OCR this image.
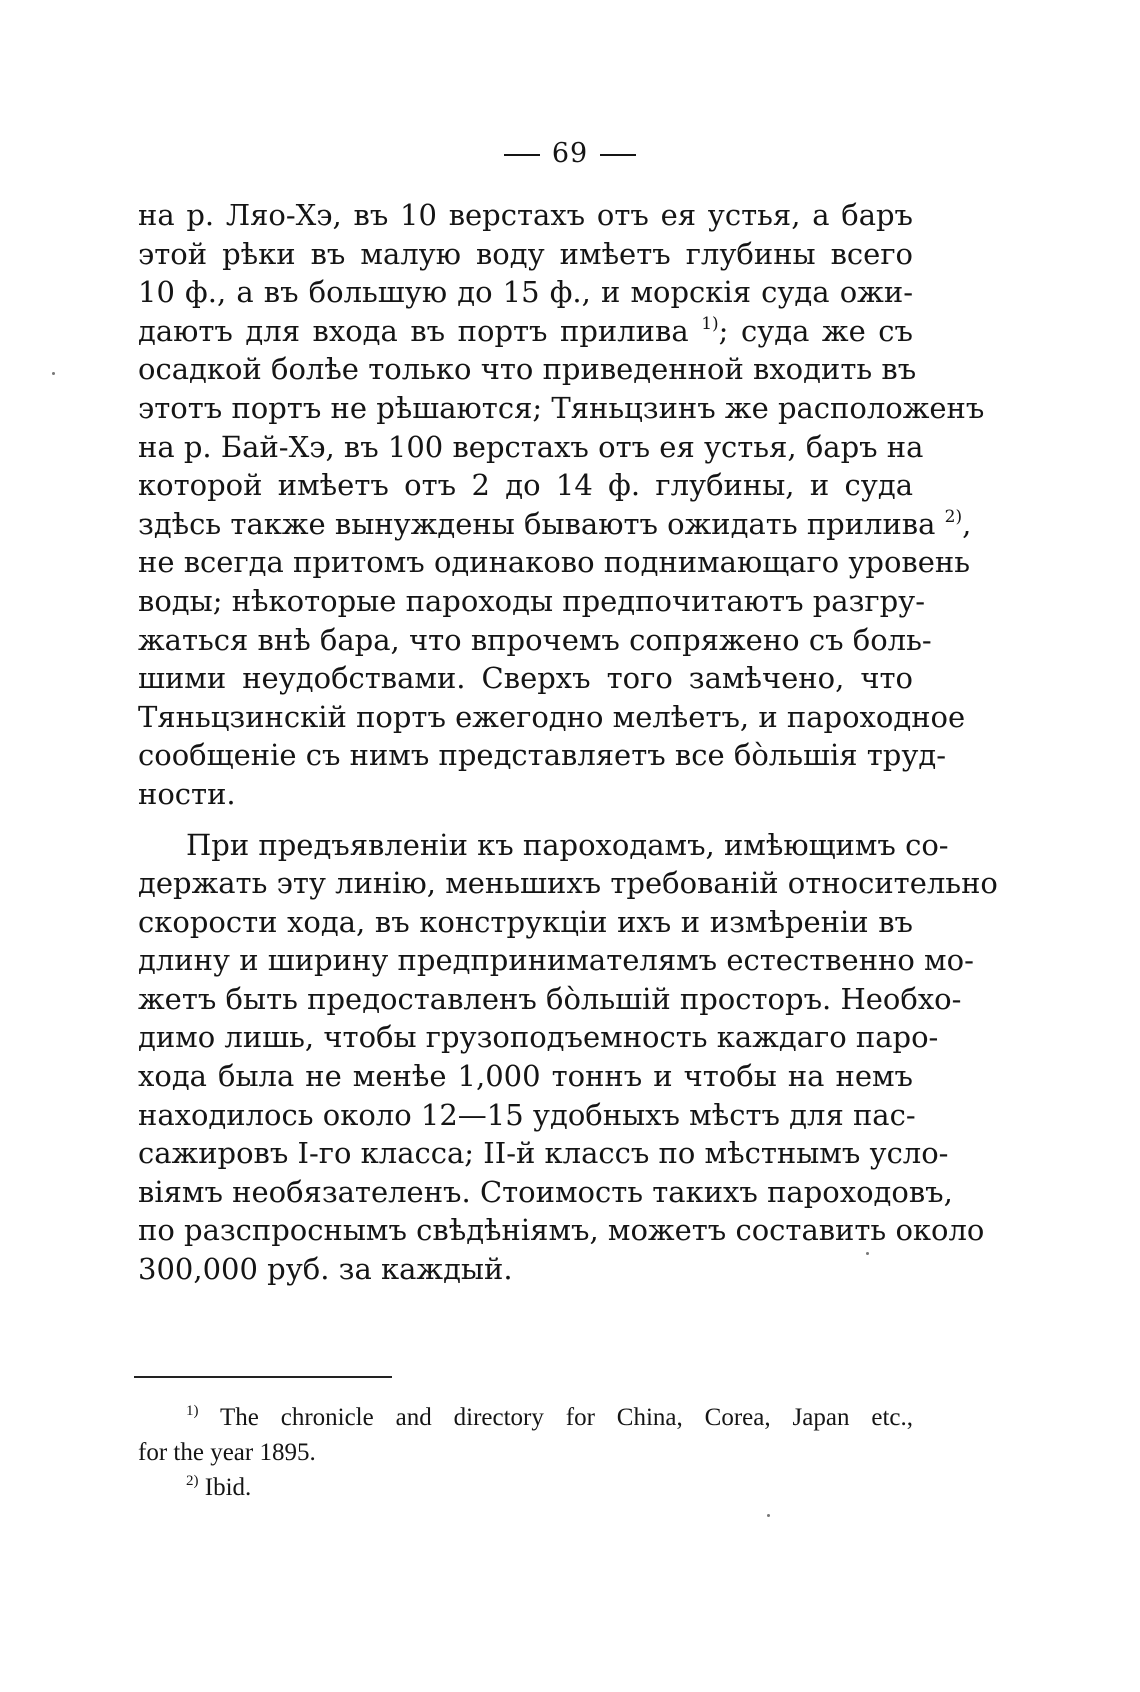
69
на р. Ляо-Хэ, въ 10 верстахъ отъ ея устья, а баръ
этой рѣки въ малую воду имѣетъ глубины всего
10 ф., а въ большую до 15 ф., и морскія суда ожи-
даютъ для входа въ портъ прилива $^{1)}$; суда же съ
осадкой болѣе только что приведенной входить въ
этотъ портъ не рѣшаются; Тяньцзинъ же расположенъ
на р. Бай-Хэ, въ 100 верстахъ отъ ея устья, баръ на
которой имѣетъ отъ 2 до 14 ф. глубины, и суда
здѣсь также вынуждены бываютъ ожидать прилива $^{2)}$,
не всегда притомъ одинаково поднимающаго уровень
воды; нѣкоторые пароходы предпочитаютъ разгру-
жаться внѣ бара, что впрочемъ сопряжено съ боль-
шими неудобствами. Сверхъ того замѣчено, что
Тяньцзинскій портъ ежегодно мелѣетъ, и пароходное
сообщеніе съ нимъ представляетъ все бо̀льшія труд-
ности.
При предъявленіи къ пароходамъ, имѣющимъ со-
держать эту линію, меньшихъ требованій относительно
скорости хода, въ конструкціи ихъ и измѣреніи въ
длину и ширину предпринимателямъ естественно мо-
жетъ быть предоставленъ бо̀льшій просторъ. Необхо-
димо лишь, чтобы грузоподъемность каждаго паро-
хода была не менѣе 1,000 тоннъ и чтобы на немъ
находилось около 12—15 удобныхъ мѣстъ для пас-
сажировъ I-го класса; II-й классъ по мѣстнымъ усло-
віямъ необязателенъ. Стоимость такихъ пароходовъ,
по разспроснымъ свѣдѣніямъ, можетъ составить около
300,000 руб. за каждый.
$^{1)}$ The chronicle and directory for China, Corea, Japan etc.,
for the year 1895.
$^{2)}$ Ibid.
